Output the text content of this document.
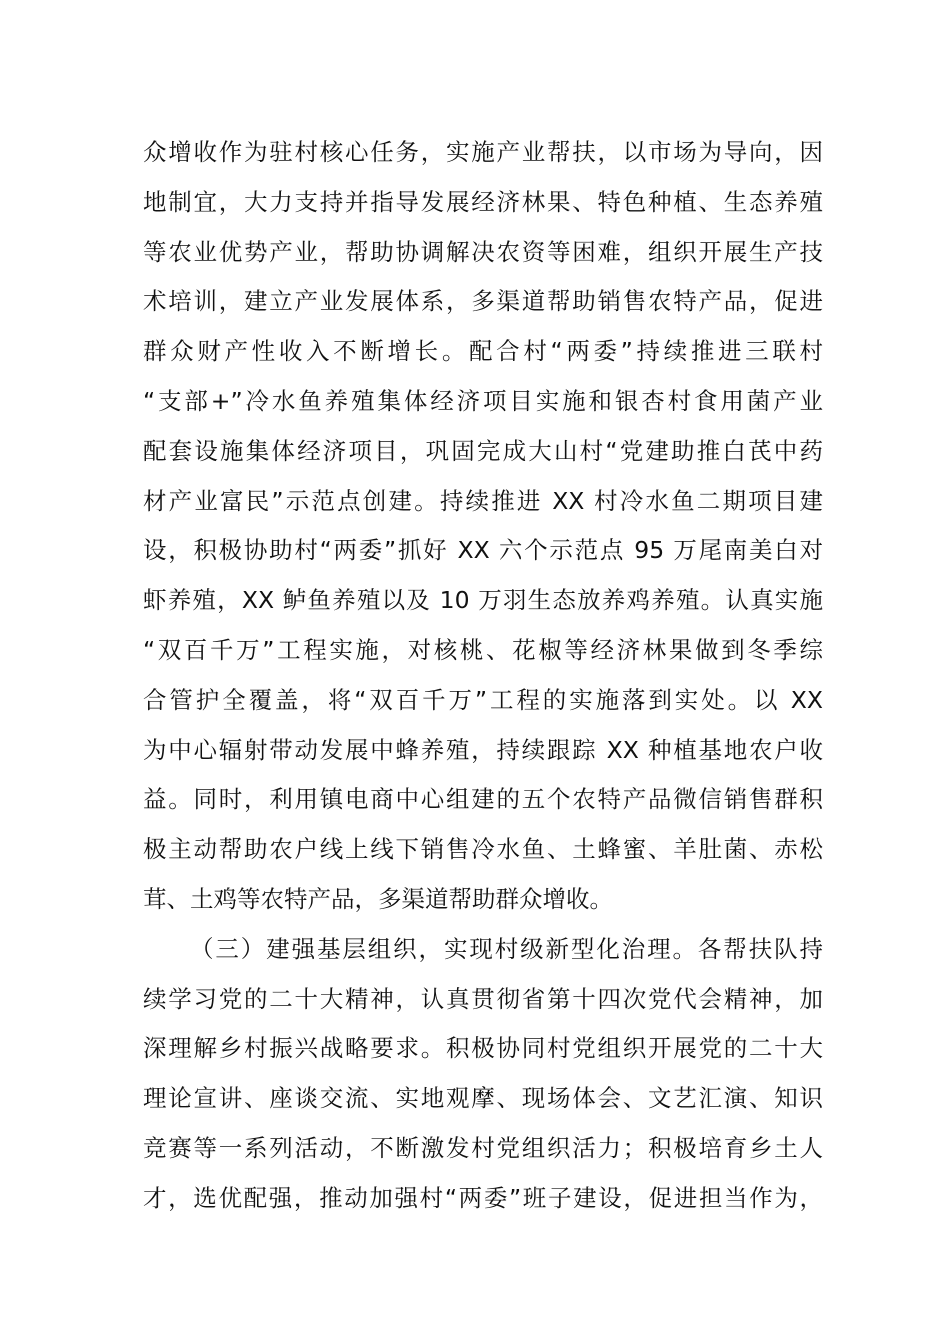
众增收作为驻村核心任务，实施产业帮扶，以市场为导向，因
地制宜，大力支持并指导发展经济林果、特色种植、生态养殖
等农业优势产业，帮助协调解决农资等困难，组织开展生产技
术培训，建立产业发展体系，多渠道帮助销售农特产品，促进
群众财产性收入不断增长。配合村“两委”持续推进三联村
“支部+”冷水鱼养殖集体经济项目实施和银杏村食用菌产业
配套设施集体经济项目，巩固完成大山村“党建助推白芪中药
材产业富民”示范点创建。持续推进 XX 村冷水鱼二期项目建
设，积极协助村“两委”抓好 XX 六个示范点 95 万尾南美白对
虾养殖，XX 鲈鱼养殖以及 10 万羽生态放养鸡养殖。认真实施
“双百千万”工程实施，对核桃、花椒等经济林果做到冬季综
合管护全覆盖，将“双百千万”工程的实施落到实处。以 XX
为中心辐射带动发展中蜂养殖，持续跟踪 XX 种植基地农户收
益。同时，利用镇电商中心组建的五个农特产品微信销售群积
极主动帮助农户线上线下销售冷水鱼、土蜂蜜、羊肚菌、赤松
茸、土鸡等农特产品，多渠道帮助群众增收。
（三）建强基层组织，实现村级新型化治理。各帮扶队持
续学习党的二十大精神，认真贯彻省第十四次党代会精神，加
深理解乡村振兴战略要求。积极协同村党组织开展党的二十大
理论宣讲、座谈交流、实地观摩、现场体会、文艺汇演、知识
竞赛等一系列活动，不断激发村党组织活力；积极培育乡土人
才，选优配强，推动加强村“两委”班子建设，促进担当作为，
